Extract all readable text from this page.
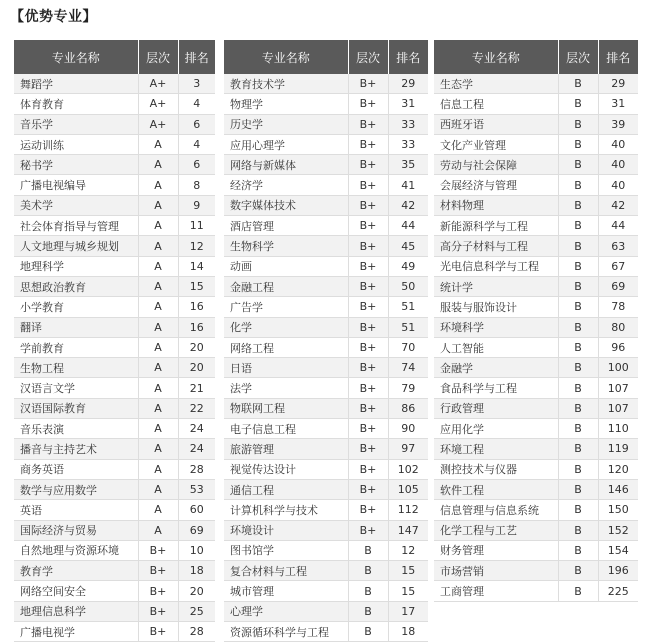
【优势专业】
专业名称	层次	排名
舞蹈学	A+	3
体育教育	A+	4
音乐学	A+	6
运动训练	A	4
秘书学	A	6
广播电视编导	A	8
美术学	A	9
社会体育指导与管理	A	11
人文地理与城乡规划	A	12
地理科学	A	14
思想政治教育	A	15
小学教育	A	16
翻译	A	16
学前教育	A	20
生物工程	A	20
汉语言文学	A	21
汉语国际教育	A	22
音乐表演	A	24
播音与主持艺术	A	24
商务英语	A	28
数学与应用数学	A	53
英语	A	60
国际经济与贸易	A	69
自然地理与资源环境	B+	10
教育学	B+	18
网络空间安全	B+	20
地理信息科学	B+	25
广播电视学	B+	28
专业名称	层次	排名
教育技术学	B+	29
物理学	B+	31
历史学	B+	33
应用心理学	B+	33
网络与新媒体	B+	35
经济学	B+	41
数字媒体技术	B+	42
酒店管理	B+	44
生物科学	B+	45
动画	B+	49
金融工程	B+	50
广告学	B+	51
化学	B+	51
网络工程	B+	70
日语	B+	74
法学	B+	79
物联网工程	B+	86
电子信息工程	B+	90
旅游管理	B+	97
视觉传达设计	B+	102
通信工程	B+	105
计算机科学与技术	B+	112
环境设计	B+	147
图书馆学	B	12
复合材料与工程	B	15
城市管理	B	15
心理学	B	17
资源循环科学与工程	B	18
专业名称	层次	排名
生态学	B	29
信息工程	B	31
西班牙语	B	39
文化产业管理	B	40
劳动与社会保障	B	40
会展经济与管理	B	40
材料物理	B	42
新能源科学与工程	B	44
高分子材料与工程	B	63
光电信息科学与工程	B	67
统计学	B	69
服装与服饰设计	B	78
环境科学	B	80
人工智能	B	96
金融学	B	100
食品科学与工程	B	107
行政管理	B	107
应用化学	B	110
环境工程	B	119
测控技术与仪器	B	120
软件工程	B	146
信息管理与信息系统	B	150
化学工程与工艺	B	152
财务管理	B	154
市场营销	B	196
工商管理	B	225
